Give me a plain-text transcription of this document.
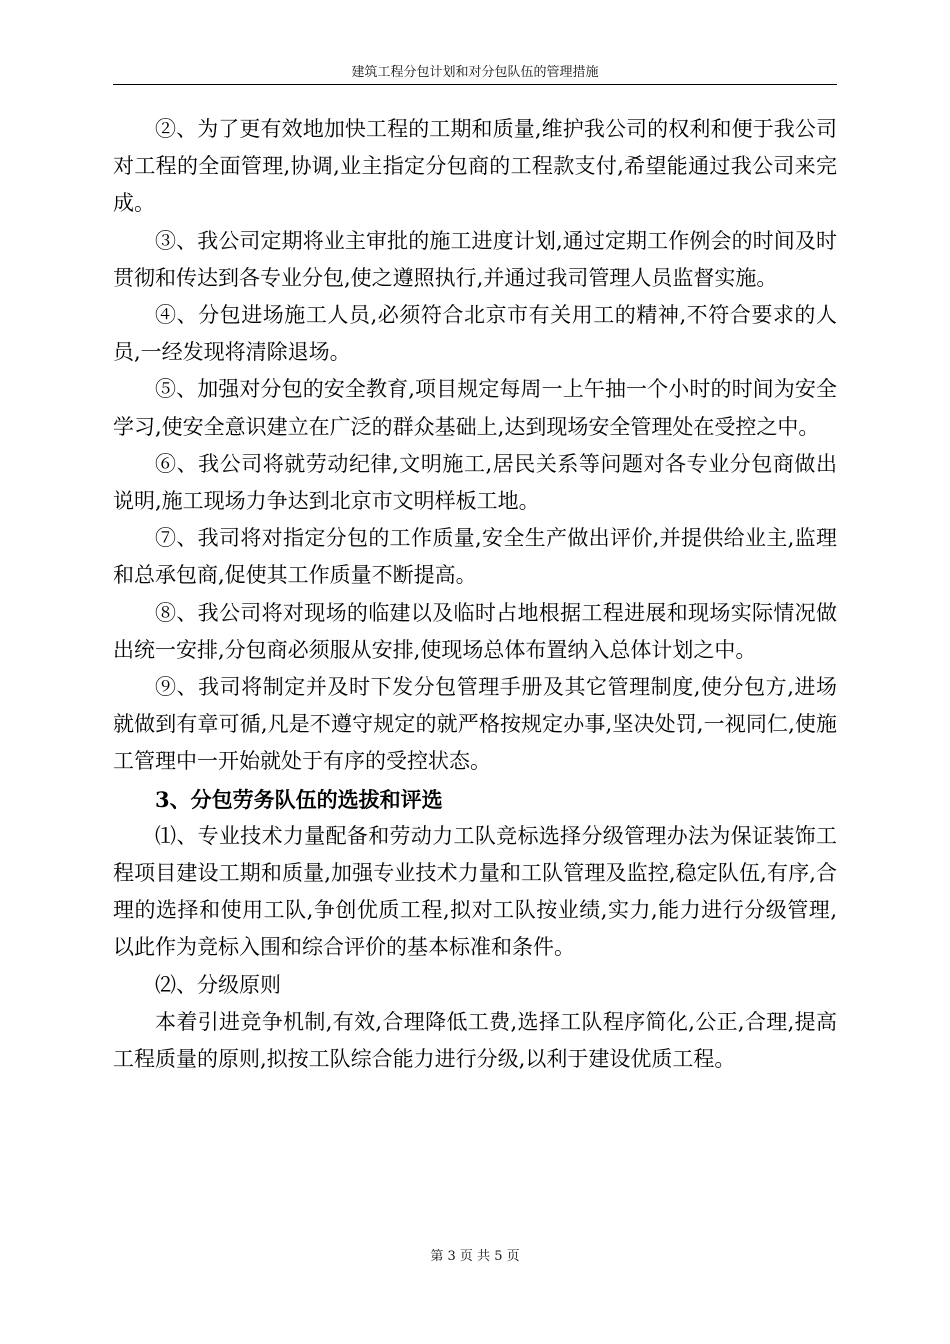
建筑工程分包计划和对分包队伍的管理措施

②、为了更有效地加快工程的工期和质量,维护我公司的权利和便于我公司对工程的全面管理,协调,业主指定分包商的工程款支付,希望能通过我公司来完成。

③、我公司定期将业主审批的施工进度计划,通过定期工作例会的时间及时贯彻和传达到各专业分包,使之遵照执行,并通过我司管理人员监督实施。

④、分包进场施工人员,必须符合北京市有关用工的精神,不符合要求的人员,一经发现将清除退场。

⑤、加强对分包的安全教育,项目规定每周一上午抽一个小时的时间为安全学习,使安全意识建立在广泛的群众基础上,达到现场安全管理处在受控之中。

⑥、我公司将就劳动纪律,文明施工,居民关系等问题对各专业分包商做出说明,施工现场力争达到北京市文明样板工地。

⑦、我司将对指定分包的工作质量,安全生产做出评价,并提供给业主,监理和总承包商,促使其工作质量不断提高。

⑧、我公司将对现场的临建以及临时占地根据工程进展和现场实际情况做出统一安排,分包商必须服从安排,使现场总体布置纳入总体计划之中。

⑨、我司将制定并及时下发分包管理手册及其它管理制度,使分包方,进场就做到有章可循,凡是不遵守规定的就严格按规定办事,坚决处罚,一视同仁,使施工管理中一开始就处于有序的受控状态。

3、分包劳务队伍的选拔和评选

⑴、专业技术力量配备和劳动力工队竞标选择分级管理办法为保证装饰工程项目建设工期和质量,加强专业技术力量和工队管理及监控,稳定队伍,有序,合理的选择和使用工队,争创优质工程,拟对工队按业绩,实力,能力进行分级管理,以此作为竞标入围和综合评价的基本标准和条件。

⑵、分级原则

本着引进竞争机制,有效,合理降低工费,选择工队程序简化,公正,合理,提高工程质量的原则,拟按工队综合能力进行分级,以利于建设优质工程。

第 3 页 共 5 页
